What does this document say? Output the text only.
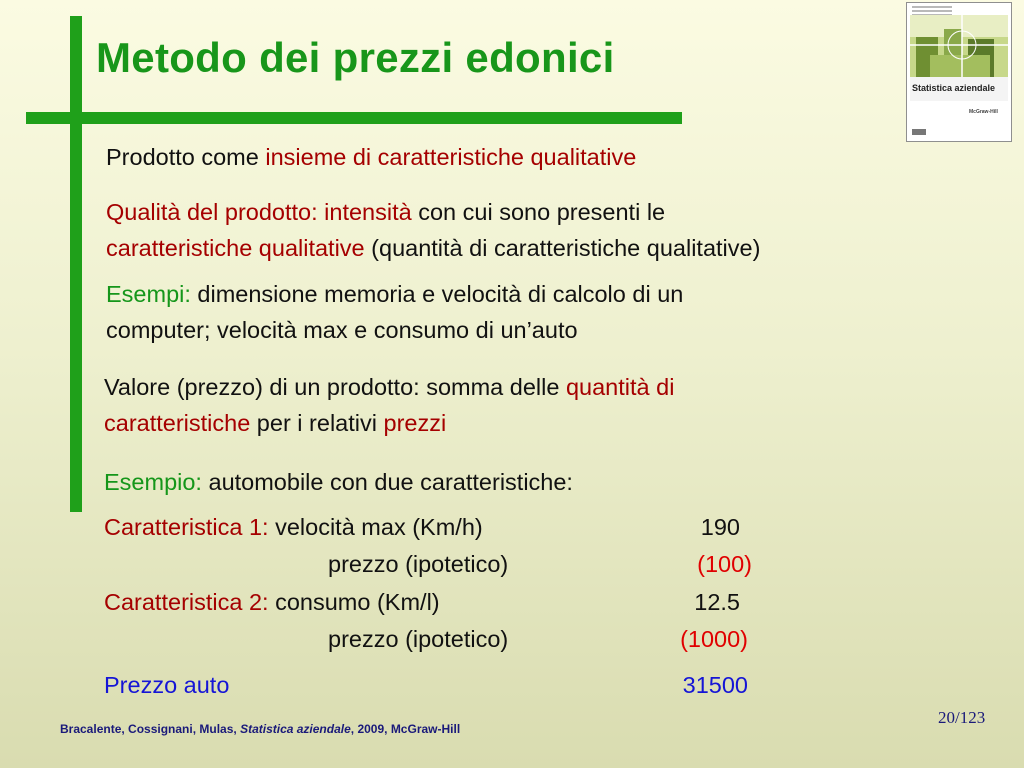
Metodo dei prezzi edonici
Statistica aziendale
McGraw-Hill
Prodotto come insieme di caratteristiche qualitative
Qualità del prodotto: intensità con cui sono presenti le
caratteristiche qualitative (quantità di caratteristiche qualitative)
Esempi: dimensione memoria e velocità di calcolo di un
computer; velocità max e consumo di un’auto
Valore (prezzo) di un prodotto: somma delle quantità di
caratteristiche per i relativi prezzi
Esempio: automobile con due caratteristiche:
Caratteristica 1: velocità max (Km/h)	190
prezzo (ipotetico)	(100)
Caratteristica 2: consumo (Km/l)	12.5
prezzo (ipotetico)	(1000)
Prezzo auto	31500
Bracalente, Cossignani, Mulas, Statistica aziendale, 2009, McGraw-Hill
20/123
